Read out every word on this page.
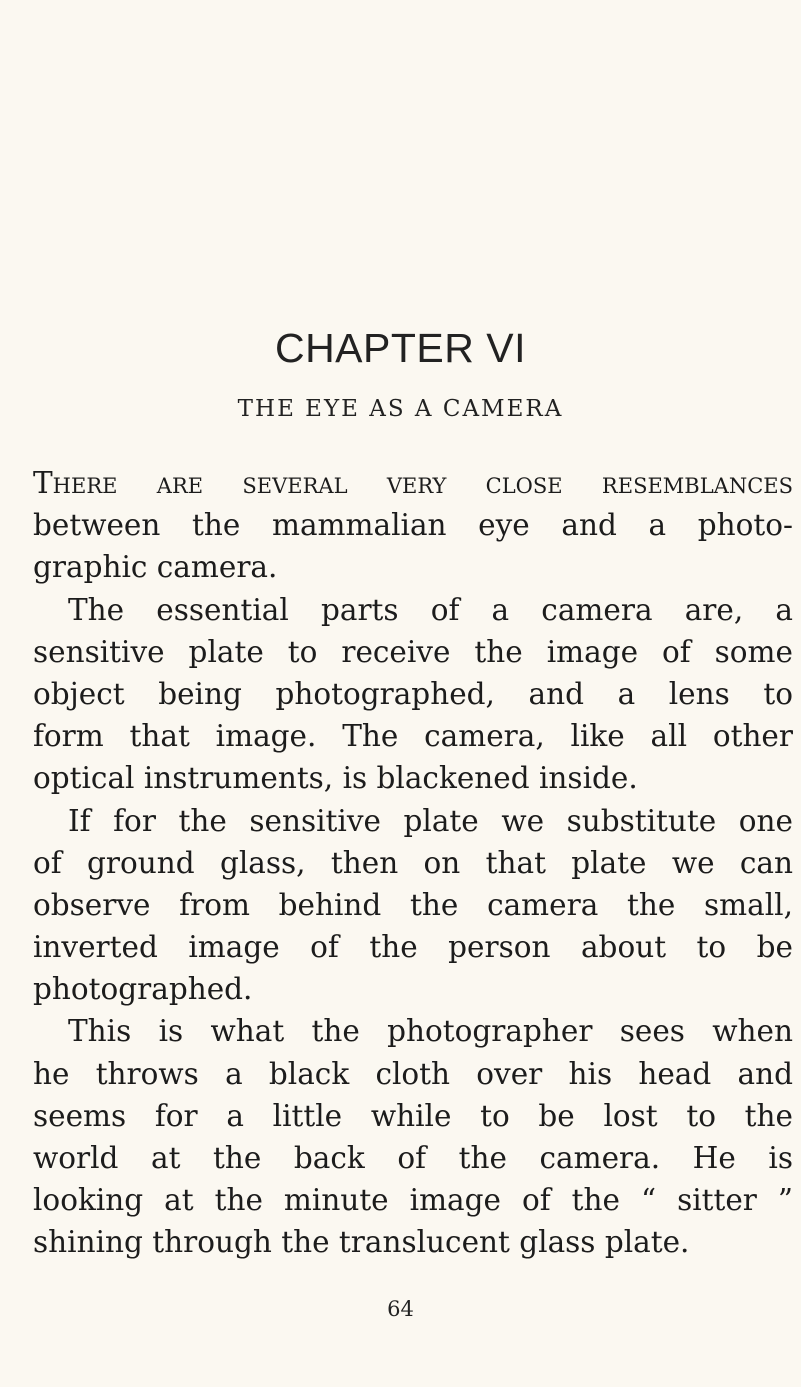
CHAPTER VI
THE EYE AS A CAMERA
There are several very close resemblances
between the mammalian eye and a photo-
graphic camera.
The essential parts of a camera are, a
sensitive plate to receive the image of some
object being photographed, and a lens to
form that image. The camera, like all other
optical instruments, is blackened inside.
If for the sensitive plate we substitute one
of ground glass, then on that plate we can
observe from behind the camera the small,
inverted image of the person about to be
photographed.
This is what the photographer sees when
he throws a black cloth over his head and
seems for a little while to be lost to the
world at the back of the camera. He is
looking at the minute image of the “ sitter ”
shining through the translucent glass plate.
64
